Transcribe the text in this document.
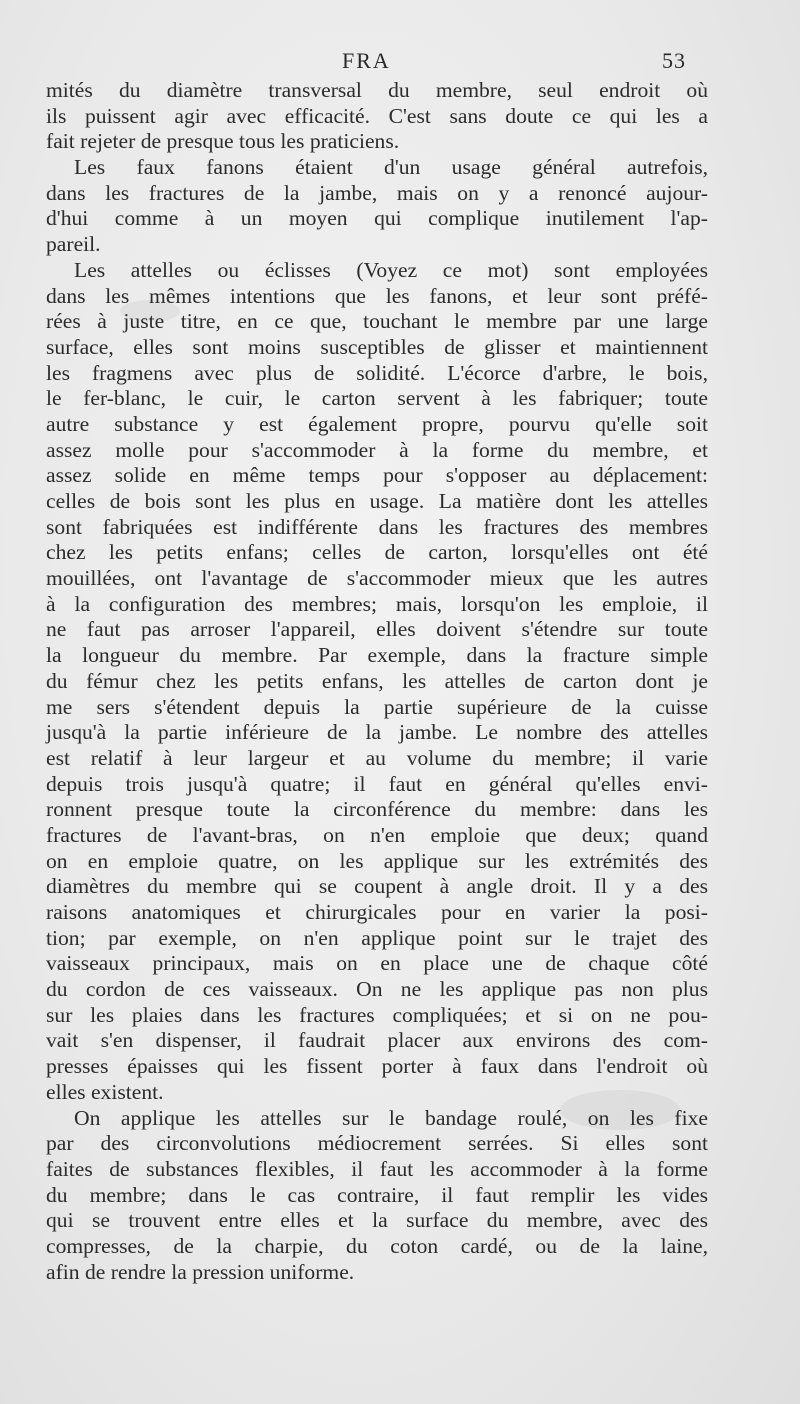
FRA	53
mités du diamètre transversal du membre, seul endroit où
ils puissent agir avec efficacité. C'est sans doute ce qui les a
fait rejeter de presque tous les praticiens.
Les faux fanons étaient d'un usage général autrefois,
dans les fractures de la jambe, mais on y a renoncé aujour-
d'hui comme à un moyen qui complique inutilement l'ap-
pareil.
Les attelles ou éclisses (Voyez ce mot) sont employées
dans les mêmes intentions que les fanons, et leur sont préfé-
rées à juste titre, en ce que, touchant le membre par une large
surface, elles sont moins susceptibles de glisser et maintiennent
les fragmens avec plus de solidité. L'écorce d'arbre, le bois,
le fer-blanc, le cuir, le carton servent à les fabriquer; toute
autre substance y est également propre, pourvu qu'elle soit
assez molle pour s'accommoder à la forme du membre, et
assez solide en même temps pour s'opposer au déplacement:
celles de bois sont les plus en usage. La matière dont les attelles
sont fabriquées est indifférente dans les fractures des membres
chez les petits enfans; celles de carton, lorsqu'elles ont été
mouillées, ont l'avantage de s'accommoder mieux que les autres
à la configuration des membres; mais, lorsqu'on les emploie, il
ne faut pas arroser l'appareil, elles doivent s'étendre sur toute
la longueur du membre. Par exemple, dans la fracture simple
du fémur chez les petits enfans, les attelles de carton dont je
me sers s'étendent depuis la partie supérieure de la cuisse
jusqu'à la partie inférieure de la jambe. Le nombre des attelles
est relatif à leur largeur et au volume du membre; il varie
depuis trois jusqu'à quatre; il faut en général qu'elles envi-
ronnent presque toute la circonférence du membre: dans les
fractures de l'avant-bras, on n'en emploie que deux; quand
on en emploie quatre, on les applique sur les extrémités des
diamètres du membre qui se coupent à angle droit. Il y a des
raisons anatomiques et chirurgicales pour en varier la posi-
tion; par exemple, on n'en applique point sur le trajet des
vaisseaux principaux, mais on en place une de chaque côté
du cordon de ces vaisseaux. On ne les applique pas non plus
sur les plaies dans les fractures compliquées; et si on ne pou-
vait s'en dispenser, il faudrait placer aux environs des com-
presses épaisses qui les fissent porter à faux dans l'endroit où
elles existent.
On applique les attelles sur le bandage roulé, on les fixe
par des circonvolutions médiocrement serrées. Si elles sont
faites de substances flexibles, il faut les accommoder à la forme
du membre; dans le cas contraire, il faut remplir les vides
qui se trouvent entre elles et la surface du membre, avec des
compresses, de la charpie, du coton cardé, ou de la laine,
afin de rendre la pression uniforme.
